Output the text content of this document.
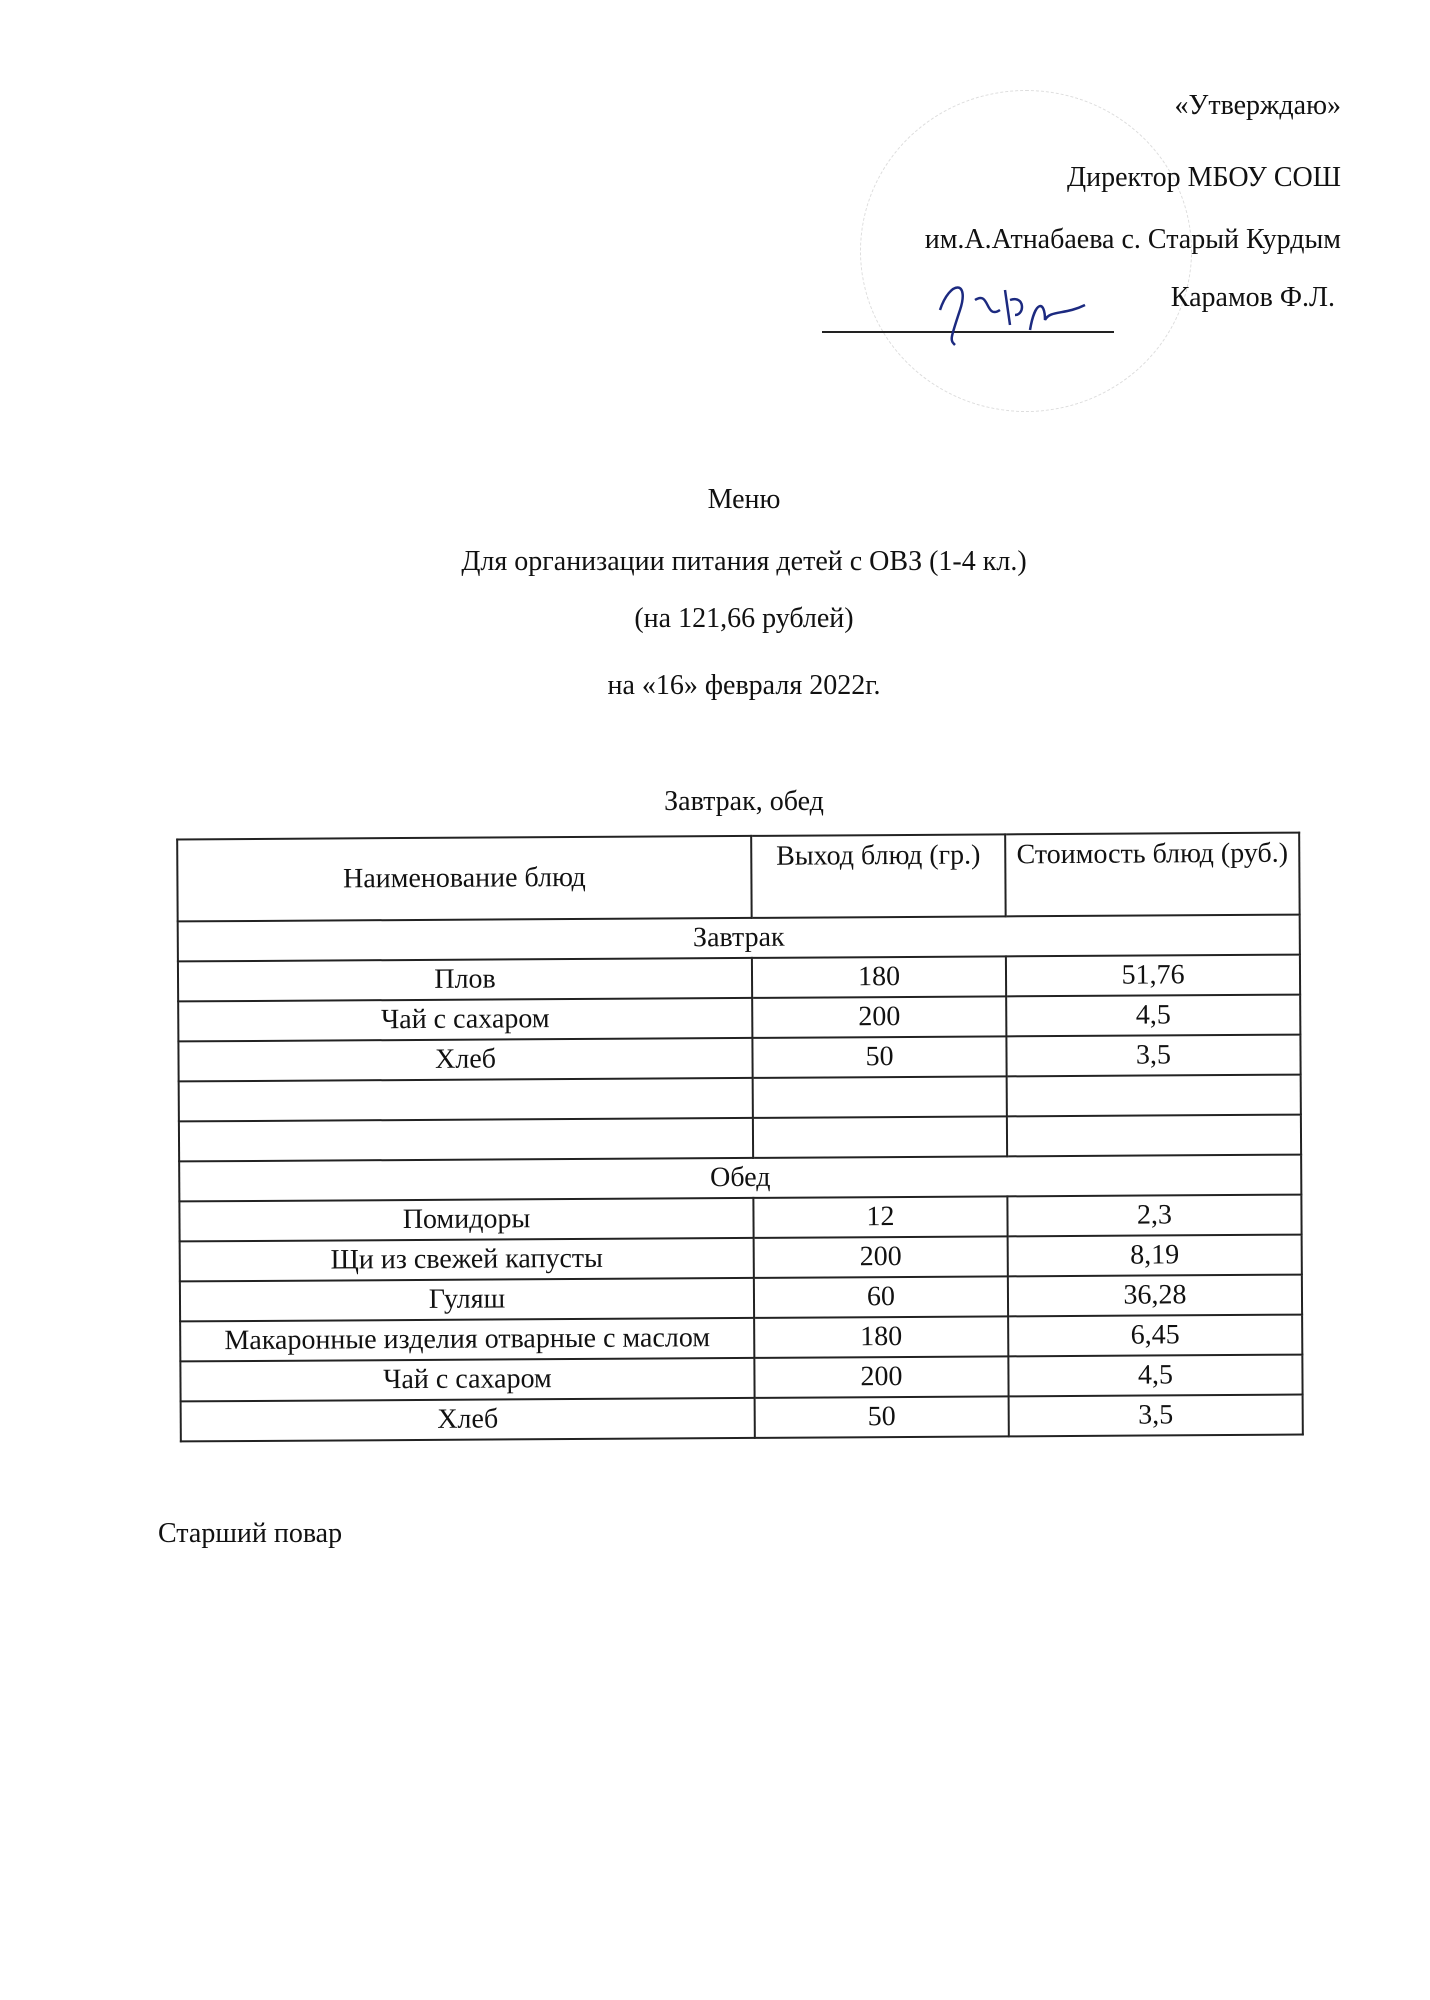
«Утверждаю»
Директор МБОУ СОШ
им.А.Атнабаева с. Старый Курдым
Карамов Ф.Л.
Меню
Для организации питания детей с ОВЗ (1-4 кл.)
(на 121,66 рублей)
на «16» февраля 2022г.
Завтрак, обед
Наименование блюд	Выход блюд (гр.)	Стоимость блюд (руб.)
Завтрак		
Плов	180	51,76
Чай с сахаром	200	4,5
Хлеб	50	3,5

Обед		
Помидоры	12	2,3
Щи из свежей капусты	200	8,19
Гуляш	60	36,28
Макаронные изделия отварные с маслом	180	6,45
Чай с сахаром	200	4,5
Хлеб	50	3,5
Старший повар
